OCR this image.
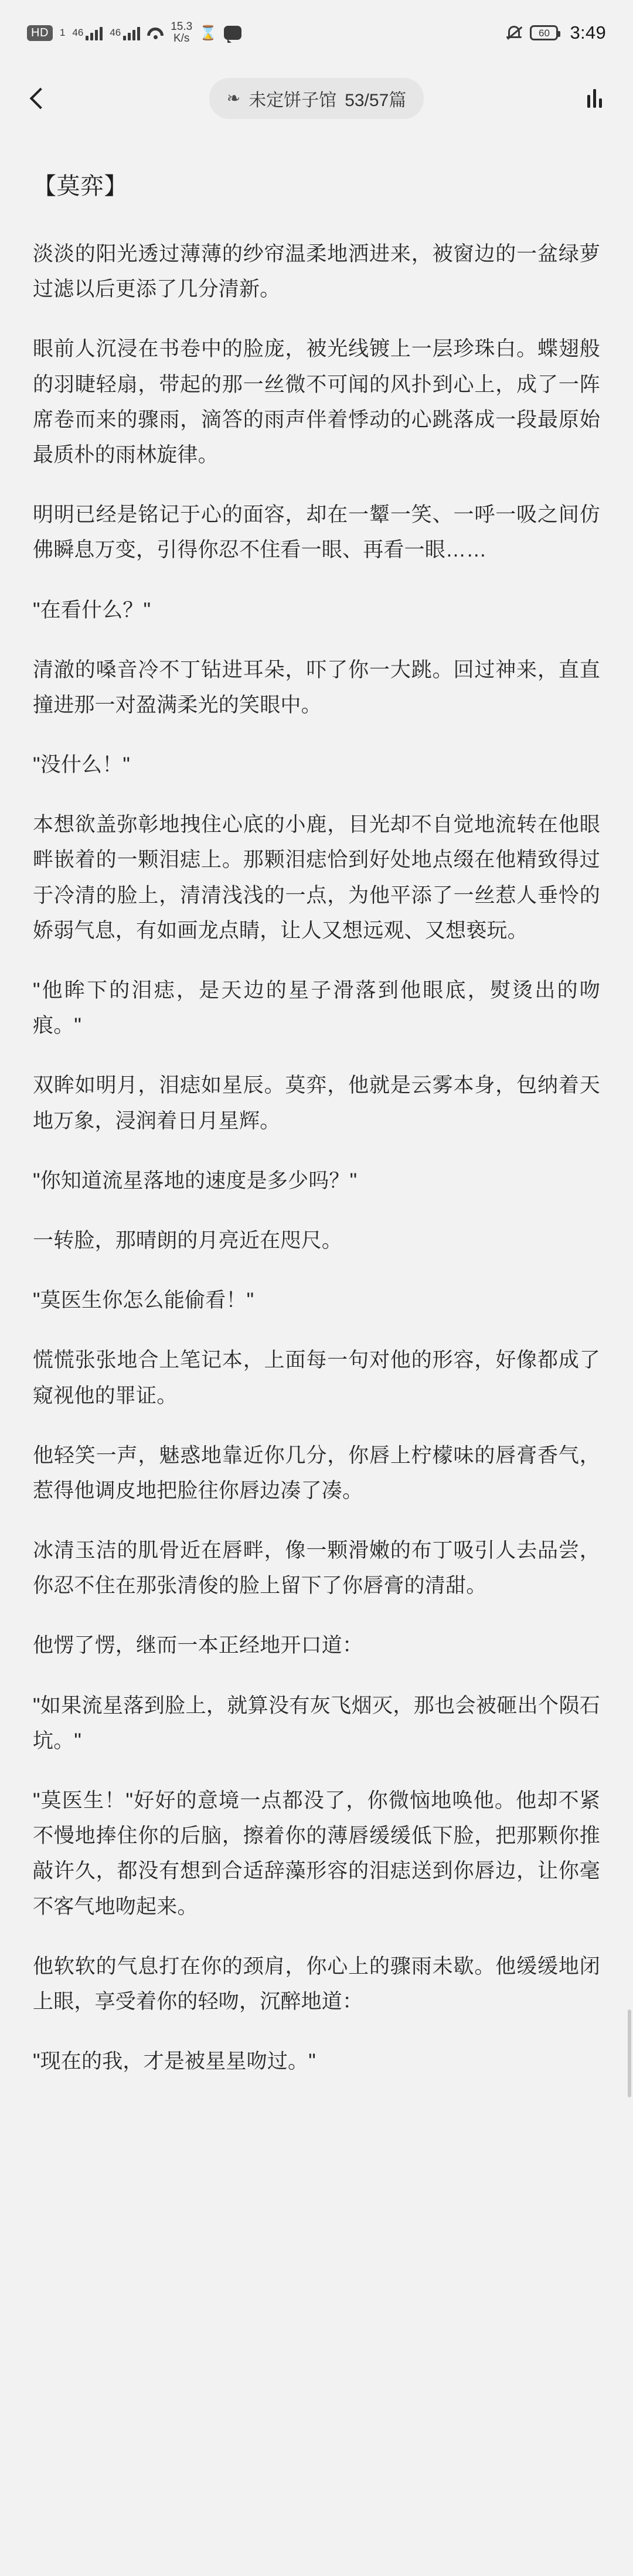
HD	1 46	46	15.3
K/s ⌛	60 3:49
❧ 未定饼子馆 53/57篇
【莫弈】

淡淡的阳光透过薄薄的纱帘温柔地洒进来，被窗边的一盆绿萝过滤以后更添了几分清新。

眼前人沉浸在书卷中的脸庞，被光线镀上一层珍珠白。蝶翅般的羽睫轻扇，带起的那一丝微不可闻的风扑到心上，成了一阵席卷而来的骤雨，滴答的雨声伴着悸动的心跳落成一段最原始最质朴的雨林旋律。

明明已经是铭记于心的面容，却在一颦一笑、一呼一吸之间仿佛瞬息万变，引得你忍不住看一眼、再看一眼……

"在看什么？"

清澈的嗓音冷不丁钻进耳朵，吓了你一大跳。回过神来，直直撞进那一对盈满柔光的笑眼中。

"没什么！"

本想欲盖弥彰地拽住心底的小鹿，目光却不自觉地流转在他眼畔嵌着的一颗泪痣上。那颗泪痣恰到好处地点缀在他精致得过于冷清的脸上，清清浅浅的一点，为他平添了一丝惹人垂怜的娇弱气息，有如画龙点睛，让人又想远观、又想亵玩。

"他眸下的泪痣，是天边的星子滑落到他眼底，熨烫出的吻痕。"

双眸如明月，泪痣如星辰。莫弈，他就是云雾本身，包纳着天地万象，浸润着日月星辉。

"你知道流星落地的速度是多少吗？"

一转脸，那晴朗的月亮近在咫尺。

"莫医生你怎么能偷看！"

慌慌张张地合上笔记本，上面每一句对他的形容，好像都成了窥视他的罪证。

他轻笑一声，魅惑地靠近你几分，你唇上柠檬味的唇膏香气，惹得他调皮地把脸往你唇边凑了凑。

冰清玉洁的肌骨近在唇畔，像一颗滑嫩的布丁吸引人去品尝，你忍不住在那张清俊的脸上留下了你唇膏的清甜。

他愣了愣，继而一本正经地开口道：

"如果流星落到脸上，就算没有灰飞烟灭，那也会被砸出个陨石坑。"

"莫医生！"好好的意境一点都没了，你微恼地唤他。他却不紧不慢地捧住你的后脑，擦着你的薄唇缓缓低下脸，把那颗你推敲许久，都没有想到合适辞藻形容的泪痣送到你唇边，让你毫不客气地吻起来。

他软软的气息打在你的颈肩，你心上的骤雨未歇。他缓缓地闭上眼，享受着你的轻吻，沉醉地道：

"现在的我，才是被星星吻过。"
